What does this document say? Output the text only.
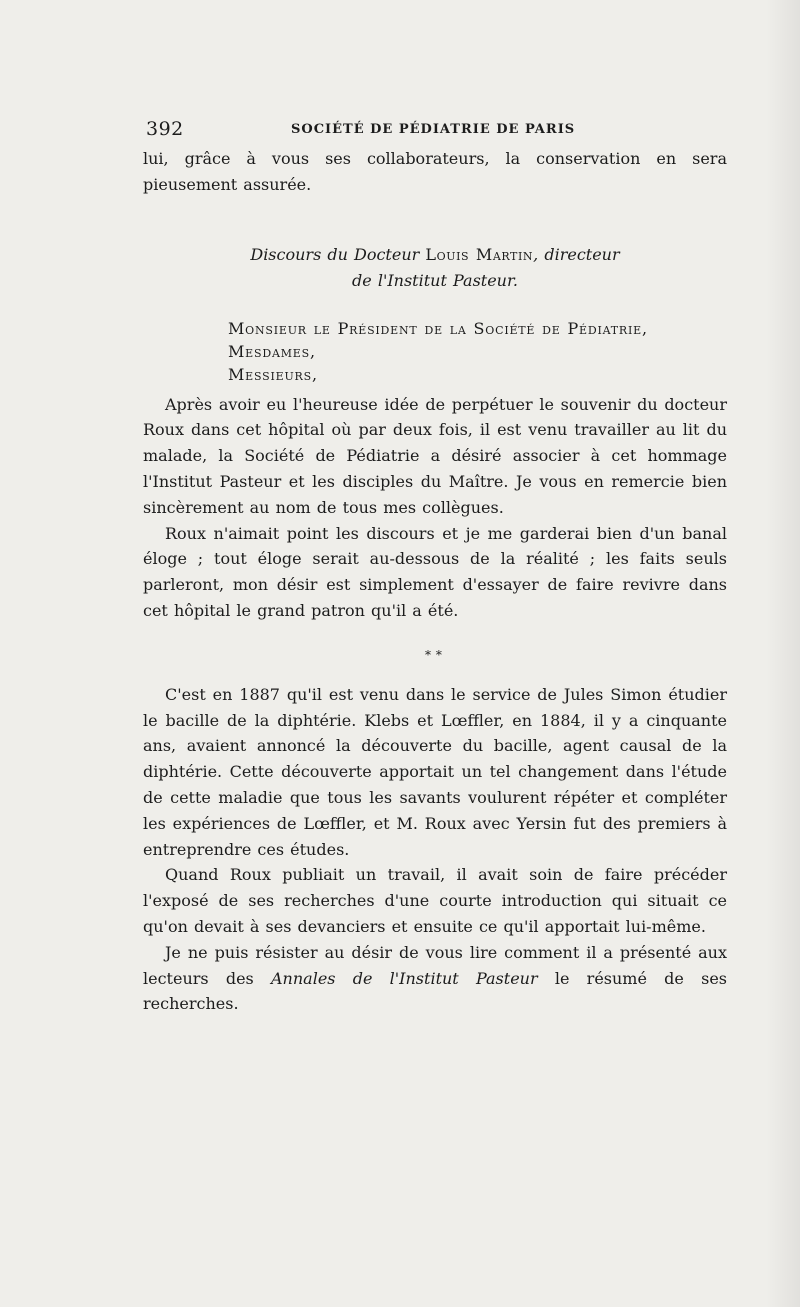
392	SOCIÉTÉ DE PÉDIATRIE DE PARIS

lui, grâce à vous ses collaborateurs, la conservation en sera pieusement assurée.

Discours du Docteur Louis Martin, directeur
de l'Institut Pasteur.
Monsieur le Président de la Société de Pédiatrie,
Mesdames,
Messieurs,

Après avoir eu l'heureuse idée de perpétuer le souvenir du docteur Roux dans cet hôpital où par deux fois, il est venu travailler au lit du malade, la Société de Pédiatrie a désiré associer à cet hommage l'Institut Pasteur et les disciples du Maître. Je vous en remercie bien sincèrement au nom de tous mes collègues.

Roux n'aimait point les discours et je me garderai bien d'un banal éloge ; tout éloge serait au-dessous de la réalité ; les faits seuls parleront, mon désir est simplement d'essayer de faire revivre dans cet hôpital le grand patron qu'il a été.

* *

C'est en 1887 qu'il est venu dans le service de Jules Simon étudier le bacille de la diphtérie. Klebs et Lœffler, en 1884, il y a cinquante ans, avaient annoncé la découverte du bacille, agent causal de la diphtérie. Cette découverte apportait un tel changement dans l'étude de cette maladie que tous les savants voulurent répéter et compléter les expériences de Lœffler, et M. Roux avec Yersin fut des premiers à entreprendre ces études.

Quand Roux publiait un travail, il avait soin de faire précéder l'exposé de ses recherches d'une courte introduction qui situait ce qu'on devait à ses devanciers et ensuite ce qu'il apportait lui-même.

Je ne puis résister au désir de vous lire comment il a présenté aux lecteurs des Annales de l'Institut Pasteur le résumé de ses recherches.
